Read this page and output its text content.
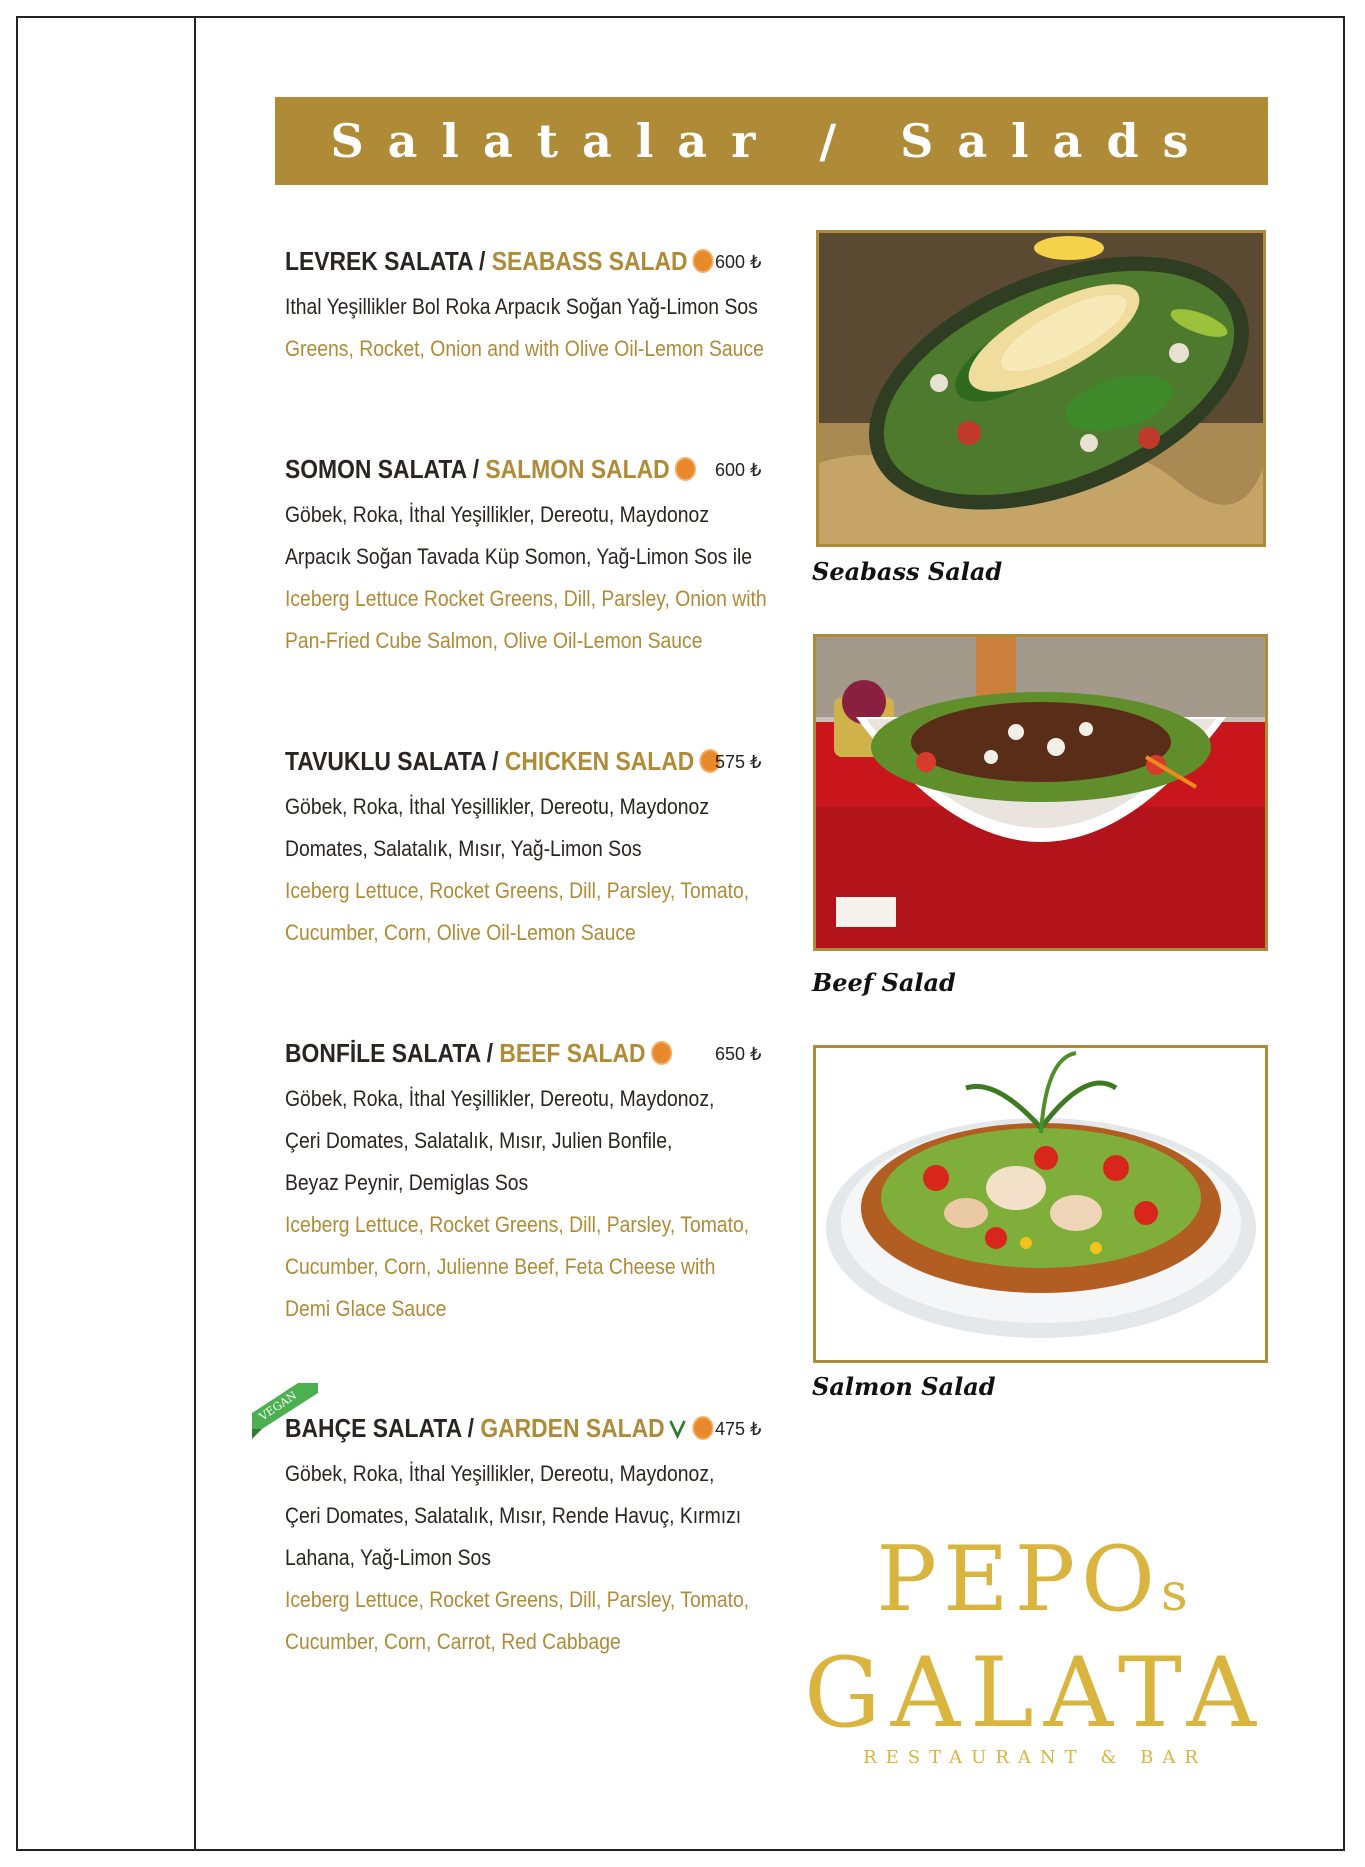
Salatalar / Salads
LEVREK SALATA / SEABASS SALAD	600 ₺
Ithal Yeşillikler Bol Roka Arpacık Soğan Yağ-Limon Sos
Greens, Rocket, Onion and with Olive Oil-Lemon Sauce
SOMON SALATA / SALMON SALAD	600 ₺
Göbek, Roka, İthal Yeşillikler, Dereotu, Maydonoz
Arpacık Soğan Tavada Küp Somon, Yağ-Limon Sos ile
Iceberg Lettuce Rocket Greens, Dill, Parsley, Onion with
Pan-Fried Cube Salmon, Olive Oil-Lemon Sauce
TAVUKLU SALATA / CHICKEN SALAD	575 ₺
Göbek, Roka, İthal Yeşillikler, Dereotu, Maydonoz
Domates, Salatalık, Mısır, Yağ-Limon Sos
Iceberg Lettuce, Rocket Greens, Dill, Parsley, Tomato,
Cucumber, Corn, Olive Oil-Lemon Sauce
BONFİLE SALATA / BEEF SALAD	650 ₺
Göbek, Roka, İthal Yeşillikler, Dereotu, Maydonoz,
Çeri Domates, Salatalık, Mısır, Julien Bonfile,
Beyaz Peynir, Demiglas Sos
Iceberg Lettuce, Rocket Greens, Dill, Parsley, Tomato,
Cucumber, Corn, Julienne Beef, Feta Cheese with
Demi Glace Sauce
VEGAN
BAHÇE SALATA / GARDEN SALAD	475 ₺
Göbek, Roka, İthal Yeşillikler, Dereotu, Maydonoz,
Çeri Domates, Salatalık, Mısır, Rende Havuç, Kırmızı
Lahana, Yağ-Limon Sos
Iceberg Lettuce, Rocket Greens, Dill, Parsley, Tomato,
Cucumber, Corn, Carrot, Red Cabbage
Seabass Salad
Beef Salad
Salmon Salad
PEPOs
GALATA
RESTAURANT & BAR
